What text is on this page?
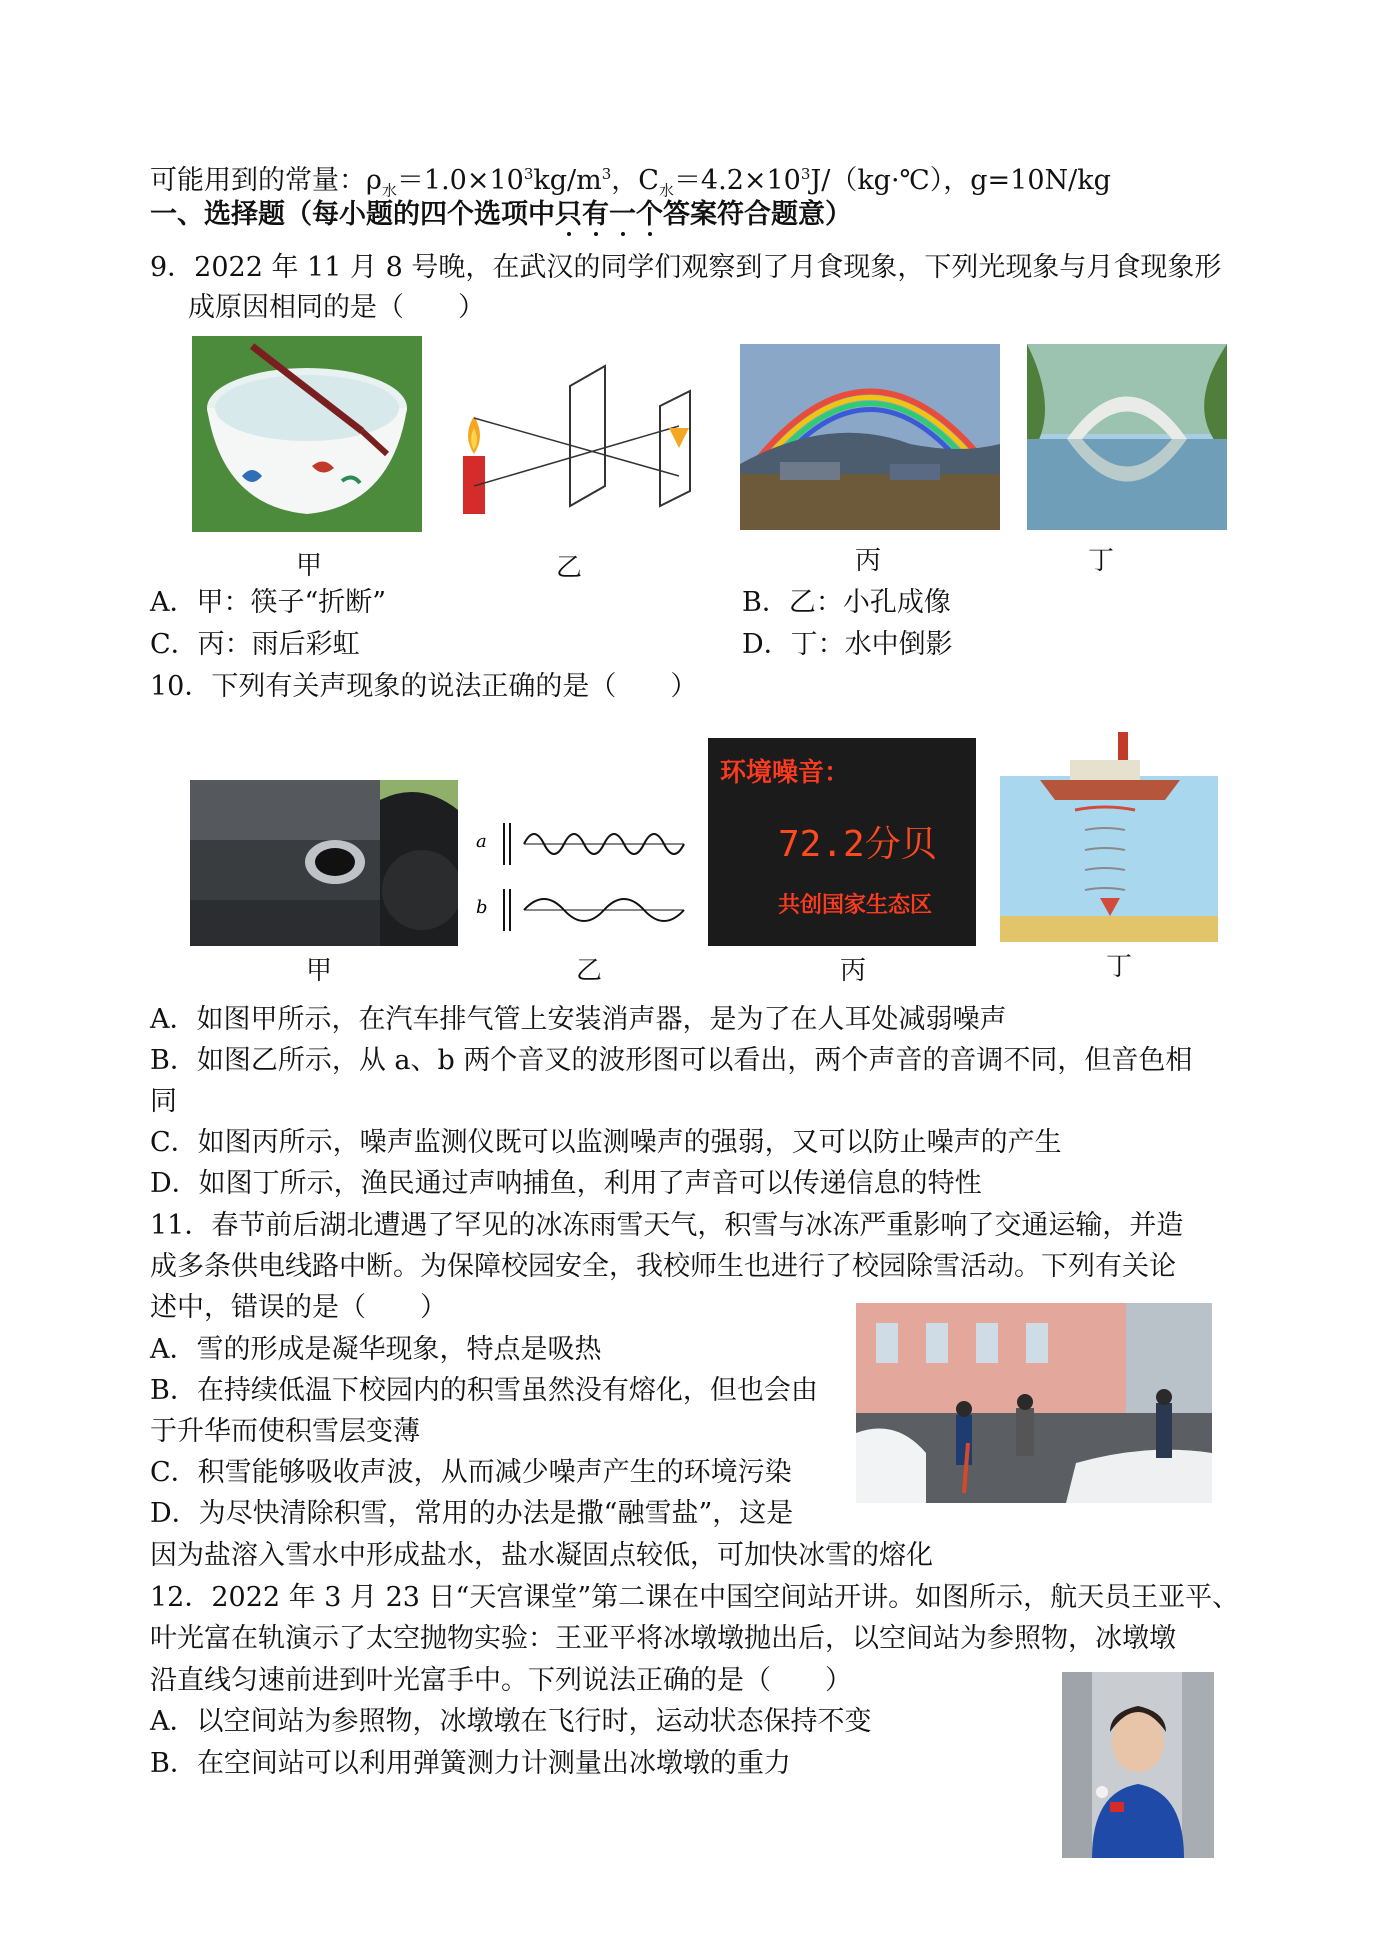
可能用到的常量：$\rho_水=1.0\times 10^3kg/m^3$，$C_水=4.2\times 10^3J/(kg\cdot℃)$，g=10N/kg
一、选择题（每小题的四个选项中只有一个答案符合题意）
9．2022 年 11 月 8 号晚，在武汉的同学们观察到了月食现象，下列光现象与月食现象形
成原因相同的是（　　）
甲	乙	丙	丁
A．甲：筷子“折断”	B．乙：小孔成像
C．丙：雨后彩虹	D．丁：水中倒影
10．下列有关声现象的说法正确的是（　　）
a
b
环境噪音：
72.2分贝
共创国家生态区
甲	乙	丙	丁
A．如图甲所示，在汽车排气管上安装消声器，是为了在人耳处减弱噪声
B．如图乙所示，从 a、b 两个音叉的波形图可以看出，两个声音的音调不同，但音色相
同
C．如图丙所示，噪声监测仪既可以监测噪声的强弱，又可以防止噪声的产生
D．如图丁所示，渔民通过声呐捕鱼，利用了声音可以传递信息的特性
11．春节前后湖北遭遇了罕见的冰冻雨雪天气，积雪与冰冻严重影响了交通运输，并造
成多条供电线路中断。为保障校园安全，我校师生也进行了校园除雪活动。下列有关论
述中，错误的是（　　）
A．雪的形成是凝华现象，特点是吸热
B．在持续低温下校园内的积雪虽然没有熔化，但也会由
于升华而使积雪层变薄
C．积雪能够吸收声波，从而减少噪声产生的环境污染
D．为尽快清除积雪，常用的办法是撒“融雪盐”，这是
因为盐溶入雪水中形成盐水，盐水凝固点较低，可加快冰雪的熔化
12．2022 年 3 月 23 日“天宫课堂”第二课在中国空间站开讲。如图所示，航天员王亚平、
叶光富在轨演示了太空抛物实验：王亚平将冰墩墩抛出后，以空间站为参照物，冰墩墩
沿直线匀速前进到叶光富手中。下列说法正确的是（　　）
A．以空间站为参照物，冰墩墩在飞行时，运动状态保持不变
B．在空间站可以利用弹簧测力计测量出冰墩墩的重力
